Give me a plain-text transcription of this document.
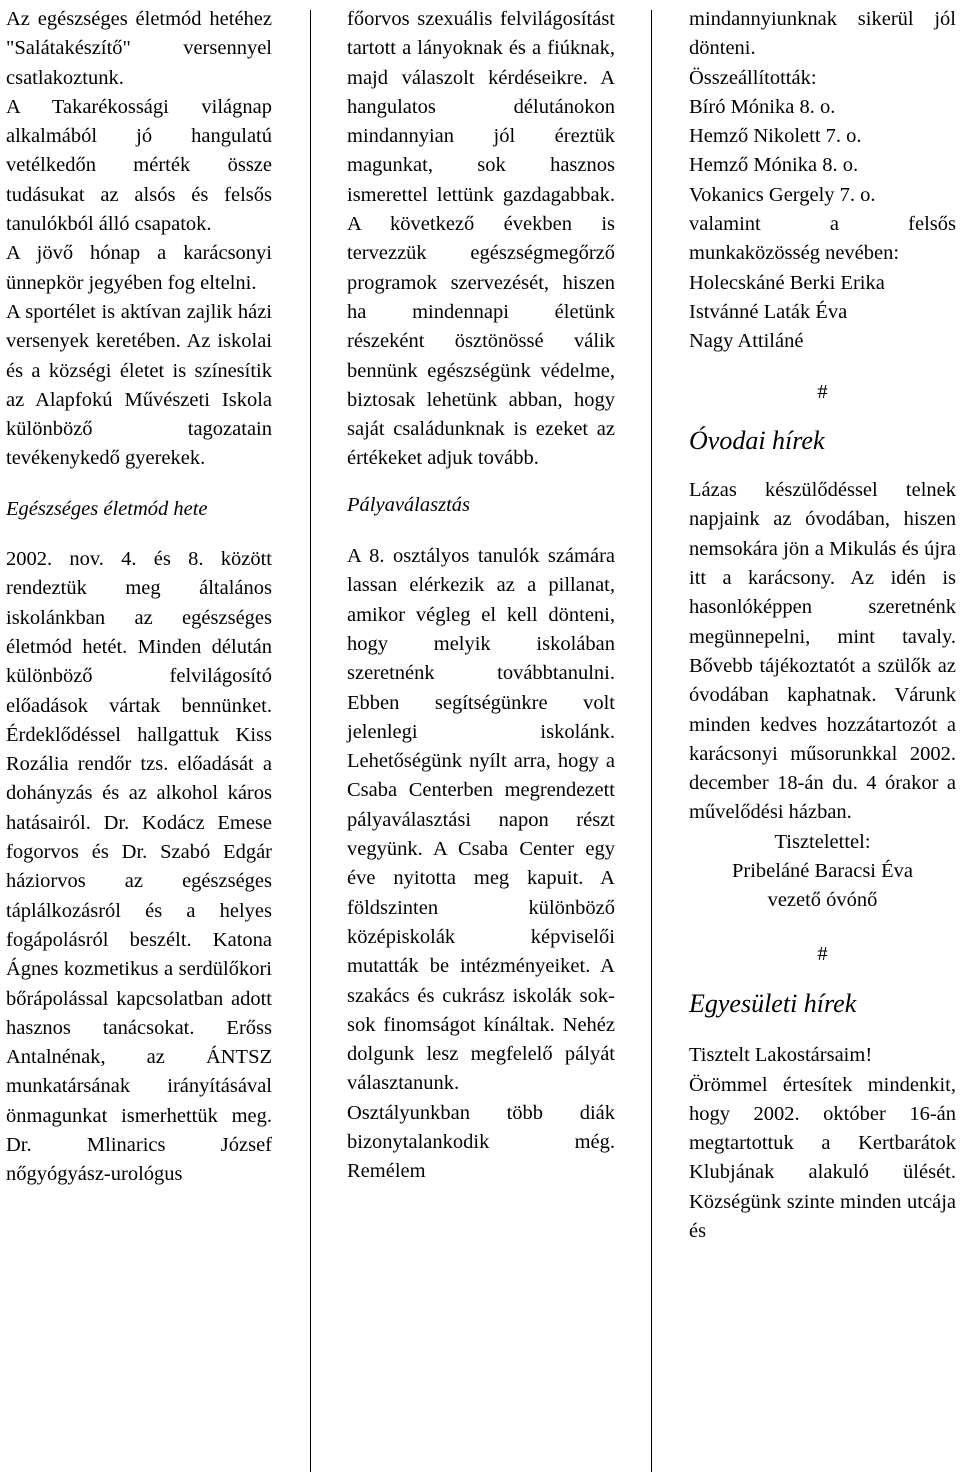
Az egészséges életmód hetéhez "Salátakészítő" versennyel csatlakoztunk.

A Takarékossági világnap alkalmából jó hangulatú vetélkedőn mérték össze tudásukat az alsós és felsős tanulókból álló csapatok.

A jövő hónap a karácsonyi ünnepkör jegyében fog eltelni.

A sportélet is aktívan zajlik házi versenyek keretében. Az iskolai és a községi életet is színesítik az Alapfokú Művészeti Iskola különböző tagozatain tevékenykedő gyerekek.

Egészséges életmód hete

2002. nov. 4. és 8. között rendeztük meg általános iskolánkban az egészséges életmód hetét. Minden délután különböző felvilágosító előadások vártak bennünket. Érdeklődéssel hallgattuk Kiss Rozália rendőr tzs. előadását a dohányzás és az alkohol káros hatásairól. Dr. Kodácz Emese fogorvos és Dr. Szabó Edgár háziorvos az egészséges táplálkozásról és a helyes fogápolásról beszélt. Katona Ágnes kozmetikus a serdülőkori bőrápolással kapcsolatban adott hasznos tanácsokat. Erőss Antalnénak, az ÁNTSZ munkatársának irányításával önmagunkat ismerhettük meg. Dr. Mlinarics József nőgyógyász-urológus

főorvos szexuális felvilágosítást tartott a lányoknak és a fiúknak, majd válaszolt kérdéseikre. A hangulatos délutánokon mindannyian jól éreztük magunkat, sok hasznos ismerettel lettünk gazdagabbak. A következő években is tervezzük egészségmegőrző programok szervezését, hiszen ha mindennapi életünk részeként ösztönössé válik bennünk egészségünk védelme, biztosak lehetünk abban, hogy saját családunknak is ezeket az értékeket adjuk tovább.

Pályaválasztás

A 8. osztályos tanulók számára lassan elérkezik az a pillanat, amikor végleg el kell dönteni, hogy melyik iskolában szeretnénk továbbtanulni. Ebben segítségünkre volt jelenlegi iskolánk. Lehetőségünk nyílt arra, hogy a Csaba Centerben megrendezett pályaválasztási napon részt vegyünk. A Csaba Center egy éve nyitotta meg kapuit. A földszinten különböző középiskolák képviselői mutatták be intézményeiket. A szakács és cukrász iskolák sok-sok finomságot kínáltak. Nehéz dolgunk lesz megfelelő pályát választanunk.

Osztályunkban több diák bizonytalankodik még. Remélem

mindannyiunknak sikerül jól dönteni.

Összeállították:
Bíró Mónika 8. o.
Hemző Nikolett 7. o.
Hemző Mónika 8. o.
Vokanics Gergely 7. o.

valamint a felsős munkaközösség nevében:

Holecskáné Berki Erika
Istvánné Laták Éva
Nagy Attiláné
#
Óvodai hírek

Lázas készülődéssel telnek napjaink az óvodában, hiszen nemsokára jön a Mikulás és újra itt a karácsony. Az idén is hasonlóképpen szeretnénk megünnepelni, mint tavaly. Bővebb tájékoztatót a szülők az óvodában kaphatnak. Várunk minden kedves hozzátartozót a karácsonyi műsorunkkal 2002. december 18-án du. 4 órakor a művelődési házban.

Tisztelettel:
Pribeláné Baracsi Éva
vezető óvónő
#
Egyesületi hírek
Tisztelt Lakostársaim!

Örömmel értesítek mindenkit, hogy 2002. október 16-án megtartottuk a Kertbarátok Klubjának alakuló ülését. Községünk szinte minden utcája és
